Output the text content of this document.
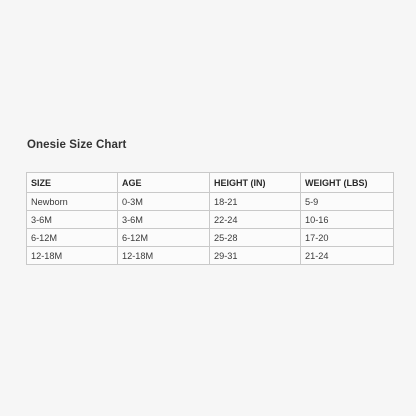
Onesie Size Chart
SIZE	AGE	HEIGHT (IN)	WEIGHT (LBS)
Newborn	0-3M	18-21	5-9
3-6M	3-6M	22-24	10-16
6-12M	6-12M	25-28	17-20
12-18M	12-18M	29-31	21-24
